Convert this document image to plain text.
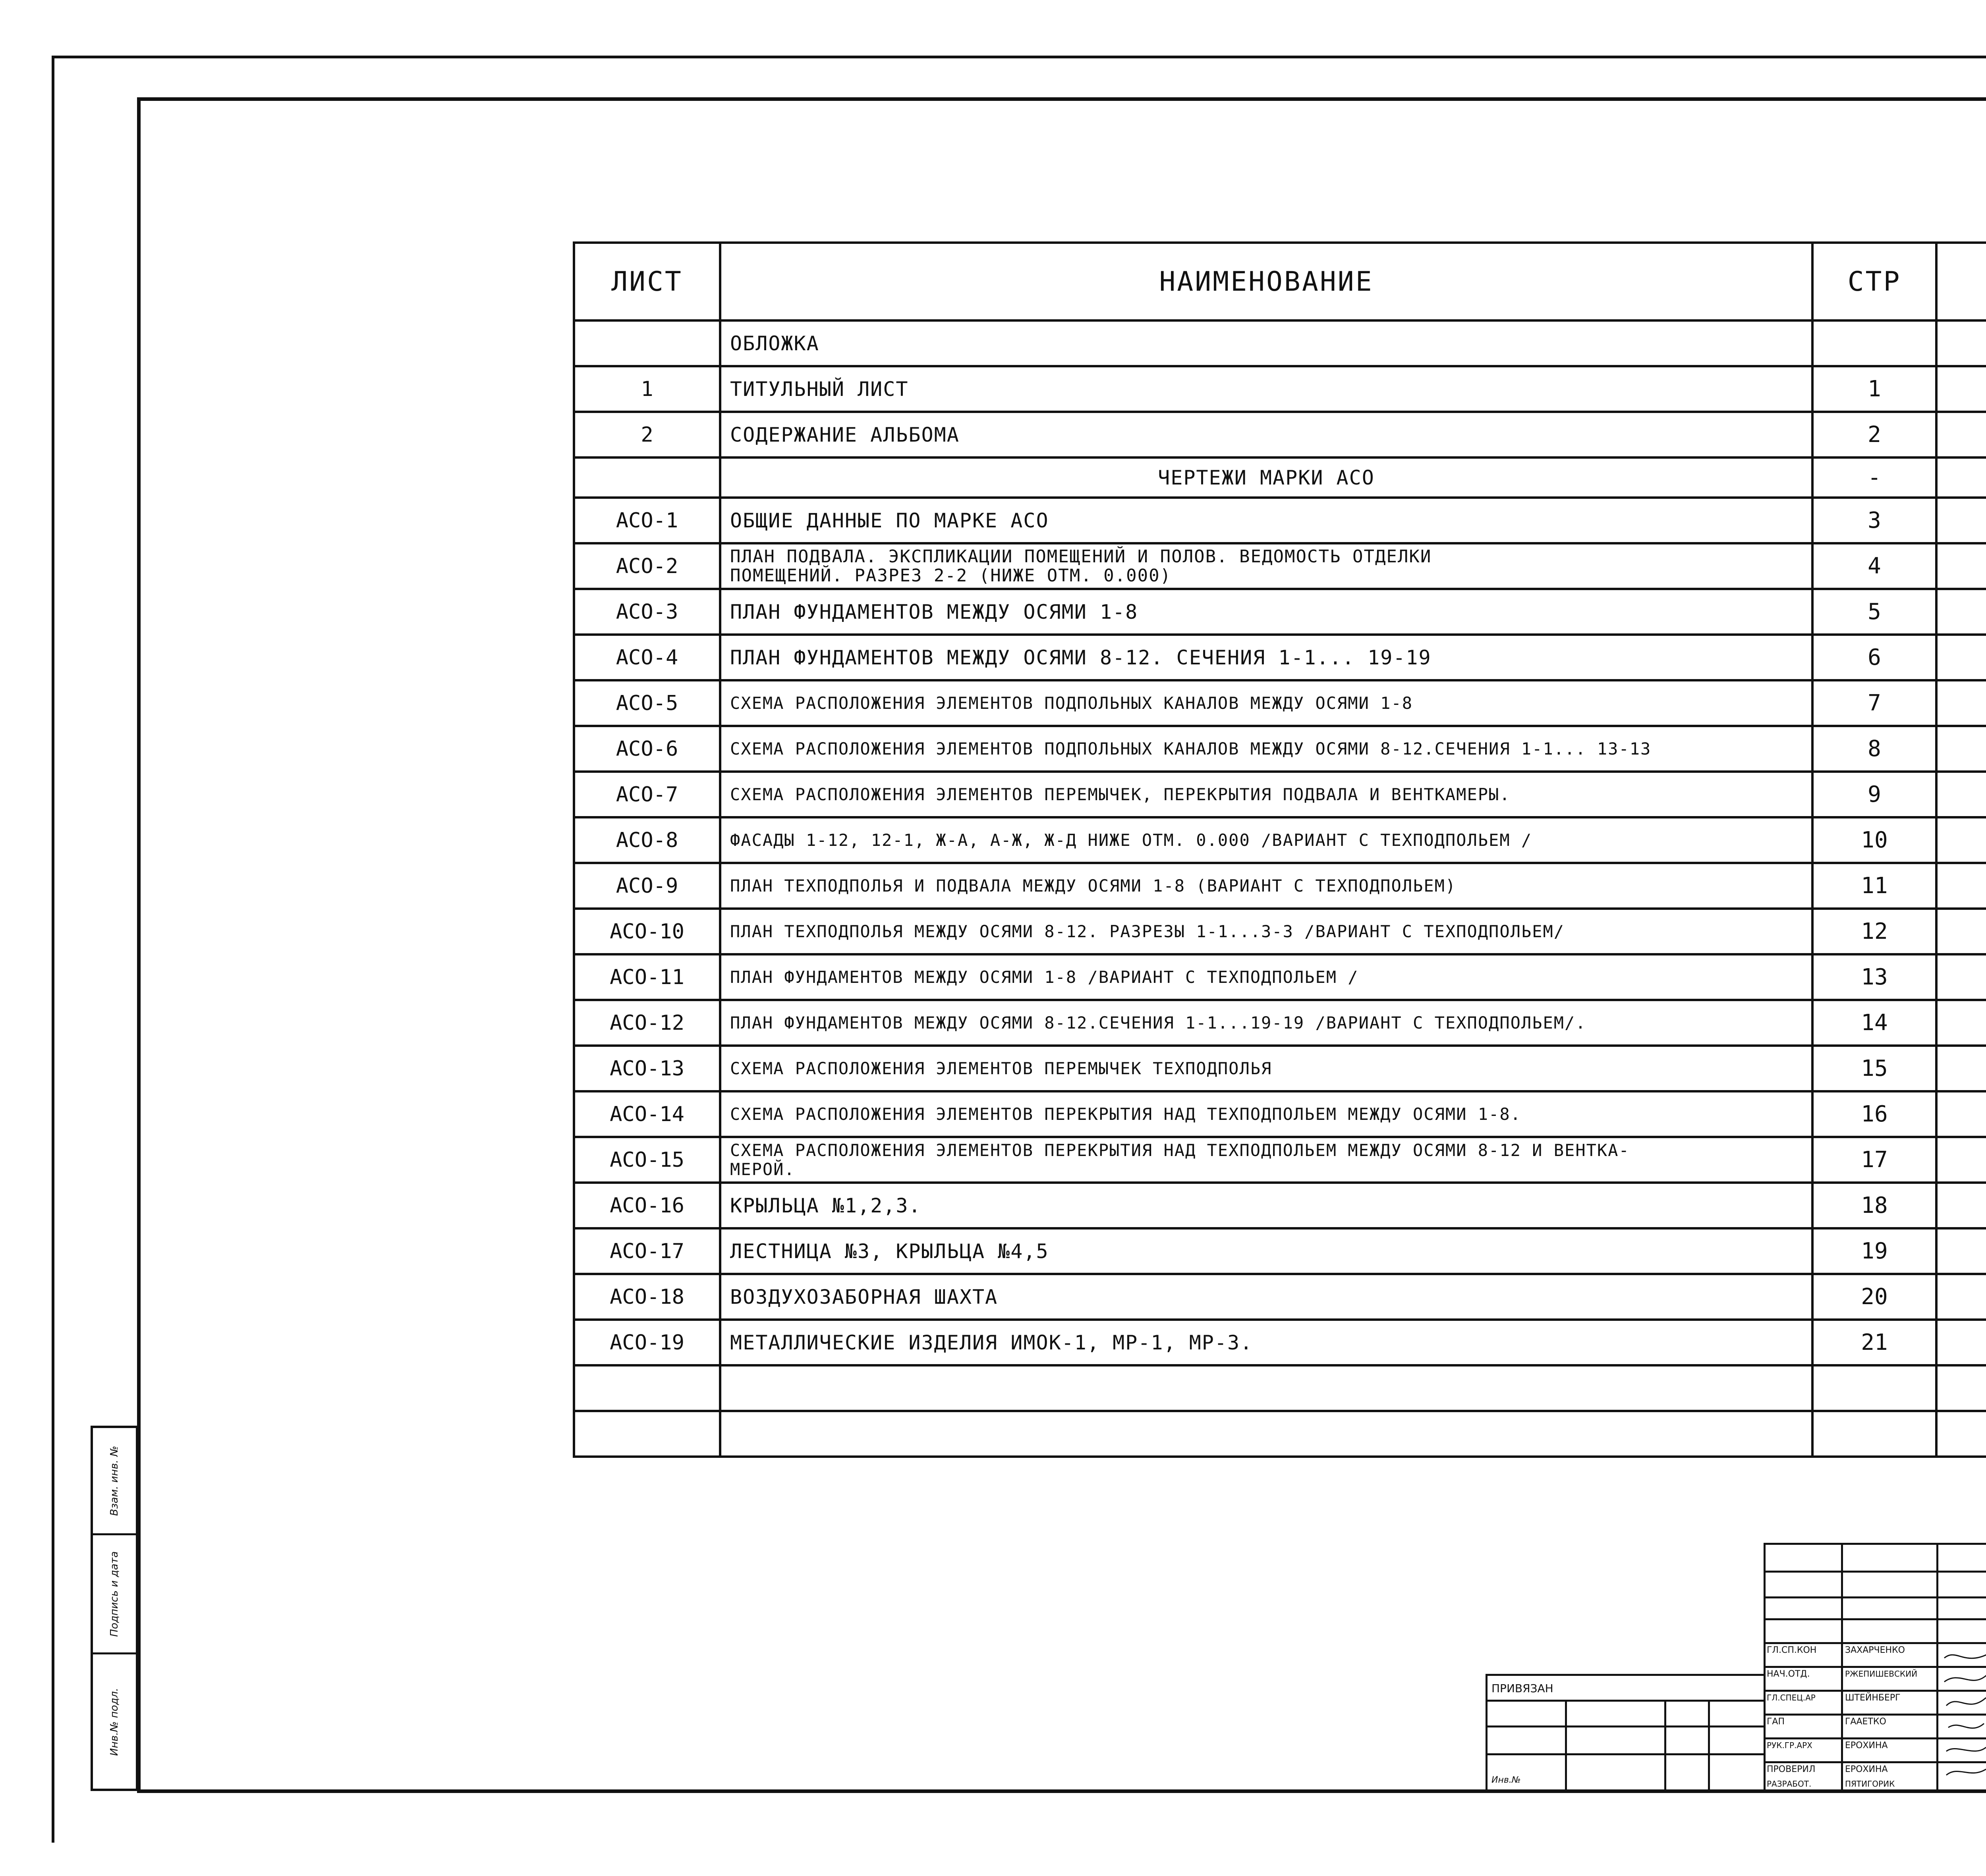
ЛИСТ	НАИМЕНОВАНИЕ	СТР	
	ОБЛОЖКА		
1	ТИТУЛЬНЫЙ ЛИСТ	1	
2	СОДЕРЖАНИЕ АЛЬБОМА	2	
	ЧЕРТЕЖИ МАРКИ АСО	-	
АСО-1	ОБЩИЕ ДАННЫЕ ПО МАРКЕ АСО	3	
АСО-2	ПЛАН ПОДВАЛА. ЭКСПЛИКАЦИИ ПОМЕЩЕНИЙ И ПОЛОВ. ВЕДОМОСТЬ ОТДЕЛКИ
ПОМЕЩЕНИЙ. РАЗРЕЗ 2-2 (НИЖЕ ОТМ. 0.000)	4	
АСО-3	ПЛАН ФУНДАМЕНТОВ МЕЖДУ ОСЯМИ 1-8	5	
АСО-4	ПЛАН ФУНДАМЕНТОВ МЕЖДУ ОСЯМИ 8-12. СЕЧЕНИЯ 1-1... 19-19	6	
АСО-5	СХЕМА РАСПОЛОЖЕНИЯ ЭЛЕМЕНТОВ ПОДПОЛЬНЫХ КАНАЛОВ МЕЖДУ ОСЯМИ 1-8	7	
АСО-6	СХЕМА РАСПОЛОЖЕНИЯ ЭЛЕМЕНТОВ ПОДПОЛЬНЫХ КАНАЛОВ МЕЖДУ ОСЯМИ 8-12.СЕЧЕНИЯ 1-1... 13-13	8	
АСО-7	СХЕМА РАСПОЛОЖЕНИЯ ЭЛЕМЕНТОВ ПЕРЕМЫЧЕК, ПЕРЕКРЫТИЯ ПОДВАЛА И ВЕНТКАМЕРЫ.	9	
АСО-8	ФАСАДЫ 1-12, 12-1, Ж-А, А-Ж, Ж-Д НИЖЕ ОТМ. 0.000 /ВАРИАНТ С ТЕХПОДПОЛЬЕМ /	10	
АСО-9	ПЛАН ТЕХПОДПОЛЬЯ И ПОДВАЛА МЕЖДУ ОСЯМИ 1-8 (ВАРИАНТ С ТЕХПОДПОЛЬЕМ)	11	
АСО-10	ПЛАН ТЕХПОДПОЛЬЯ МЕЖДУ ОСЯМИ 8-12. РАЗРЕЗЫ 1-1...3-3 /ВАРИАНТ С ТЕХПОДПОЛЬЕМ/	12	
АСО-11	ПЛАН ФУНДАМЕНТОВ МЕЖДУ ОСЯМИ 1-8 /ВАРИАНТ С ТЕХПОДПОЛЬЕМ /	13	
АСО-12	ПЛАН ФУНДАМЕНТОВ МЕЖДУ ОСЯМИ 8-12.СЕЧЕНИЯ 1-1...19-19 /ВАРИАНТ С ТЕХПОДПОЛЬЕМ/.	14	
АСО-13	СХЕМА РАСПОЛОЖЕНИЯ ЭЛЕМЕНТОВ ПЕРЕМЫЧЕК ТЕХПОДПОЛЬЯ	15	
АСО-14	СХЕМА РАСПОЛОЖЕНИЯ ЭЛЕМЕНТОВ ПЕРЕКРЫТИЯ НАД ТЕХПОДПОЛЬЕМ МЕЖДУ ОСЯМИ 1-8.	16	
АСО-15	СХЕМА РАСПОЛОЖЕНИЯ ЭЛЕМЕНТОВ ПЕРЕКРЫТИЯ НАД ТЕХПОДПОЛЬЕМ МЕЖДУ ОСЯМИ 8-12 И ВЕНТКА-
МЕРОЙ.	17	
АСО-16	КРЫЛЬЦА №1,2,3.	18	
АСО-17	ЛЕСТНИЦА №3, КРЫЛЬЦА №4,5	19	
АСО-18	ВОЗДУХОЗАБОРНАЯ ШАХТА	20	
АСО-19	МЕТАЛЛИЧЕСКИЕ ИЗДЕЛИЯ ИМОК-1, МР-1, МР-3.	21	

Взам. инв. №
Подпись и дата
Инв.№ подл.	ПРИВЯЗАН
Инв.№
ГЛ.СП.КОН	ЗАХАРЧЕНКО
НАЧ.ОТД.	РЖЕПИШЕВСКИЙ
ГЛ.СПЕЦ.АР	ШТЕЙНБЕРГ
ГАП	ГААЕТКО
РУК.ГР.АРХ	ЕРОХИНА
ПРОВЕРИЛ	ЕРОХИНА
РАЗРАБОТ.	ПЯТИГОРИК
